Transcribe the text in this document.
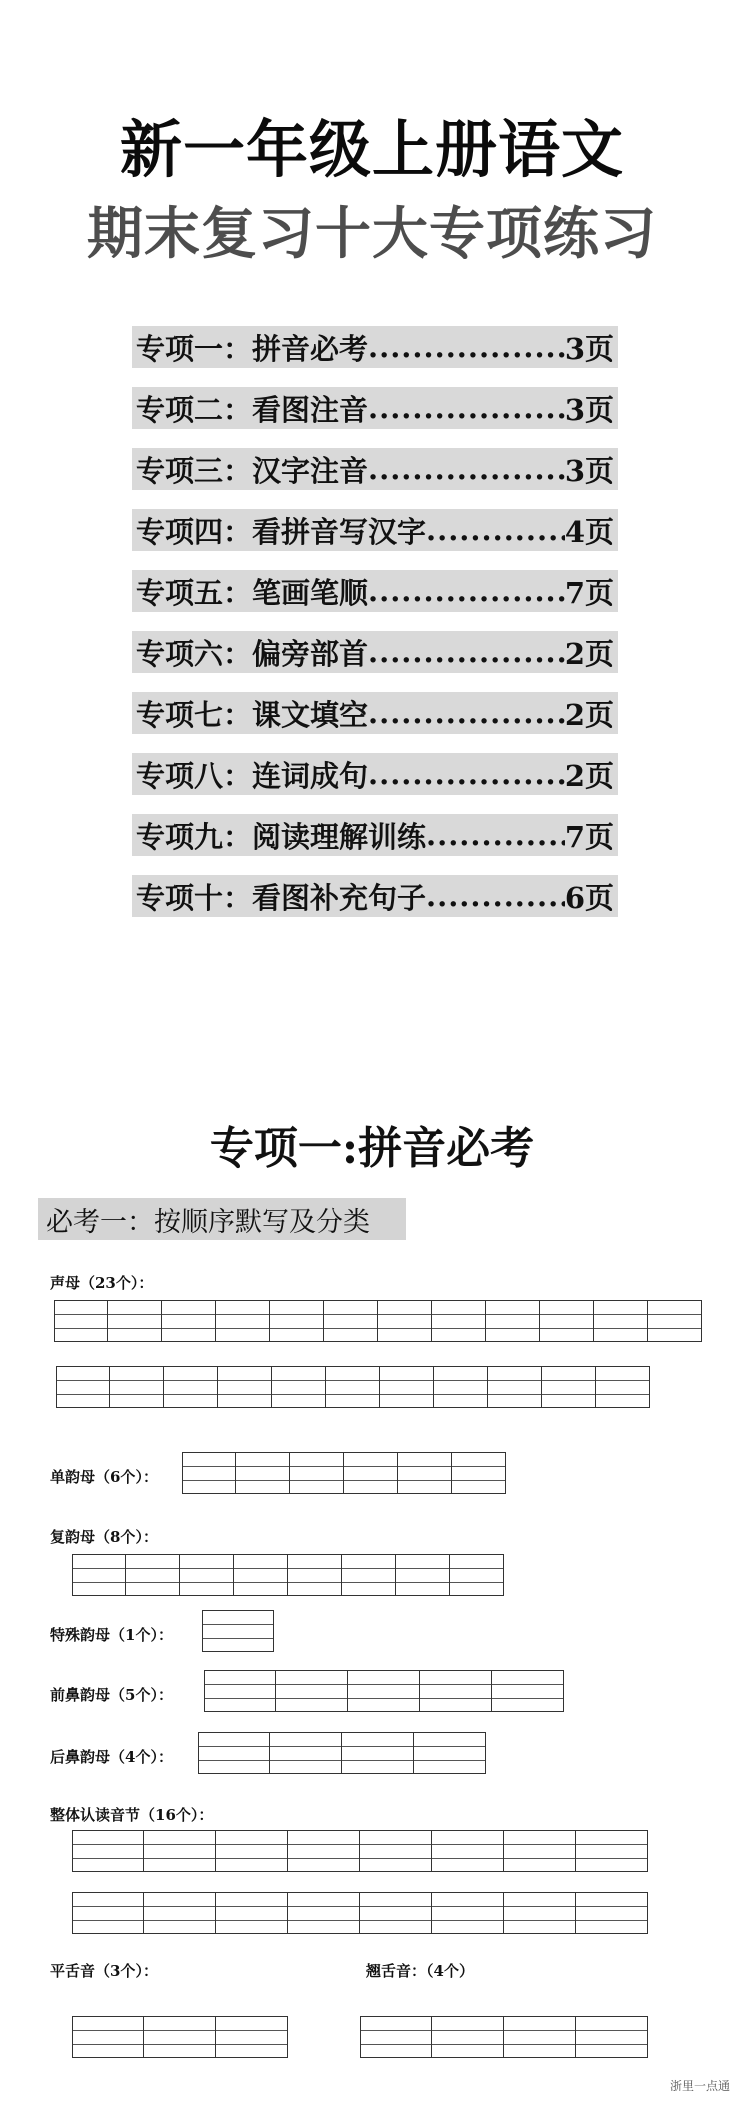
新一年级上册语文
期末复习十大专项练习
专项一：拼音必考 .....	3页
专项二：看图注音 .....	3页
专项三：汉字注音 .....	3页
专项四：看拼音写汉字 .....	4页
专项五：笔画笔顺 .....	7页
专项六：偏旁部首 .....	2页
专项七：课文填空 .....	2页
专项八：连词成句 .....	2页
专项九：阅读理解训练 .....	7页
专项十：看图补充句子 .....	6页
专项一:拼音必考
必考一：按顺序默写及分类
声母（23个）：
单韵母（6个）：
复韵母（8个）：
特殊韵母（1个）：
前鼻韵母（5个）：
后鼻韵母（4个）：
整体认读音节（16个）：
平舌音（3个）：	翘舌音：（4个）
浙里一点通
